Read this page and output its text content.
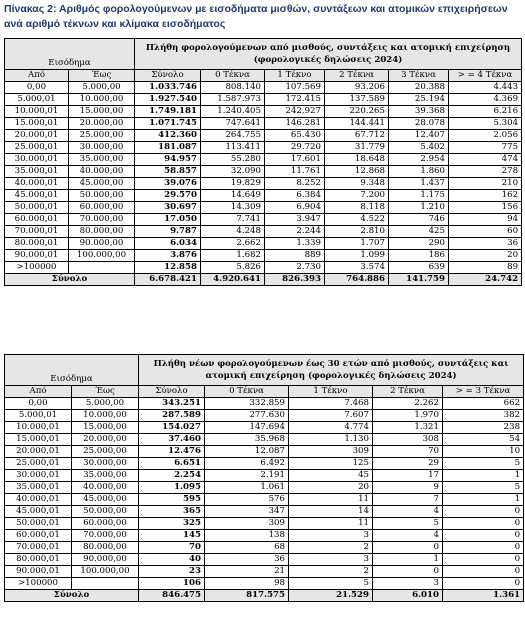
Πίνακας 2: Αριθμός φορολογούμενων με εισοδήματα μισθών, συντάξεων και ατομικών επιχειρήσεων ανά αριθμό τέκνων και κλίμακα εισοδήματος
Εισόδημα		Πλήθη φορολογούμενων από μισθούς, συντάξεις και ατομική επιχείρηση (φορολογικές δηλώσεις 2024)					
Από	Έως	Σύνολο	0 Τέκνα	1 Τέκνο	2 Τέκνα	3 Τέκνα	> = 4 Τέκνα
0,00	5.000,00	1.033.746	808.140	107.569	93.206	20.388	4.443
5.000,01	10.000,00	1.927.540	1.587.973	172.415	137.589	25.194	4.369
10.000,01	15.000,00	1.749.181	1.240.405	242.927	220.265	39.368	6.216
15.000,01	20.000,00	1.071.745	747.641	146.281	144.441	28.078	5.304
20.000,01	25.000,00	412.360	264.755	65.430	67.712	12.407	2.056
25.000,01	30.000,00	181.087	113.411	29.720	31.779	5.402	775
30.000,01	35.000,00	94.957	55.280	17.601	18.648	2.954	474
35.000,01	40.000,00	58.857	32.090	11.761	12.868	1.860	278
40.000,01	45.000,00	39.076	19.829	8.252	9.348	1.437	210
45.000,01	50.000,00	29.570	14.649	6.384	7.200	1.175	162
50.000,01	60.000,00	30.697	14.309	6.904	8.118	1.210	156
60.000,01	70.000,00	17.050	7.741	3.947	4.522	746	94
70.000,01	80.000,00	9.787	4.248	2.244	2.810	425	60
80.000,01	90.000,00	6.034	2.662	1.339	1.707	290	36
90.000,01	100.000,00	3.876	1.682	889	1.099	186	20
>100000		12.858	5.826	2.730	3.574	639	89
Σύνολο		6.678.421	4.920.641	826.393	764.886	141.759	24.742
Εισόδημα		Πλήθη νέων φορολογούμενων έως 30 ετών από μισθούς, συντάξεις και ατομική επιχείρηση (φορολογικές δηλώσεις 2024)				
Από	Έως	Σύνολο	0 Τέκνα	1 Τέκνο	2 Τέκνα	> = 3 Τέκνα
0,00	5.000,00	343.251	332.859	7.468	2.262	662
5.000,01	10.000,00	287.589	277.630	7.607	1.970	382
10.000,01	15.000,00	154.027	147.694	4.774	1.321	238
15.000,01	20.000,00	37.460	35.968	1.130	308	54
20.000,01	25.000,00	12.476	12.087	309	70	10
25.000,01	30.000,00	6.651	6.492	125	29	5
30.000,01	35.000,00	2.254	2.191	45	17	1
35.000,01	40.000,00	1.095	1.061	20	9	5
40.000,01	45.000,00	595	576	11	7	1
45.000,01	50.000,00	365	347	14	4	0
50.000,01	60.000,00	325	309	11	5	0
60.000,01	70.000,00	145	138	3	4	0
70.000,01	80.000,00	70	68	2	0	0
80.000,01	90.000,00	40	36	3	1	0
90.000,01	100.000,00	23	21	2	0	0
>100000		106	98	5	3	0
Σύνολο		846.475	817.575	21.529	6.010	1.361
